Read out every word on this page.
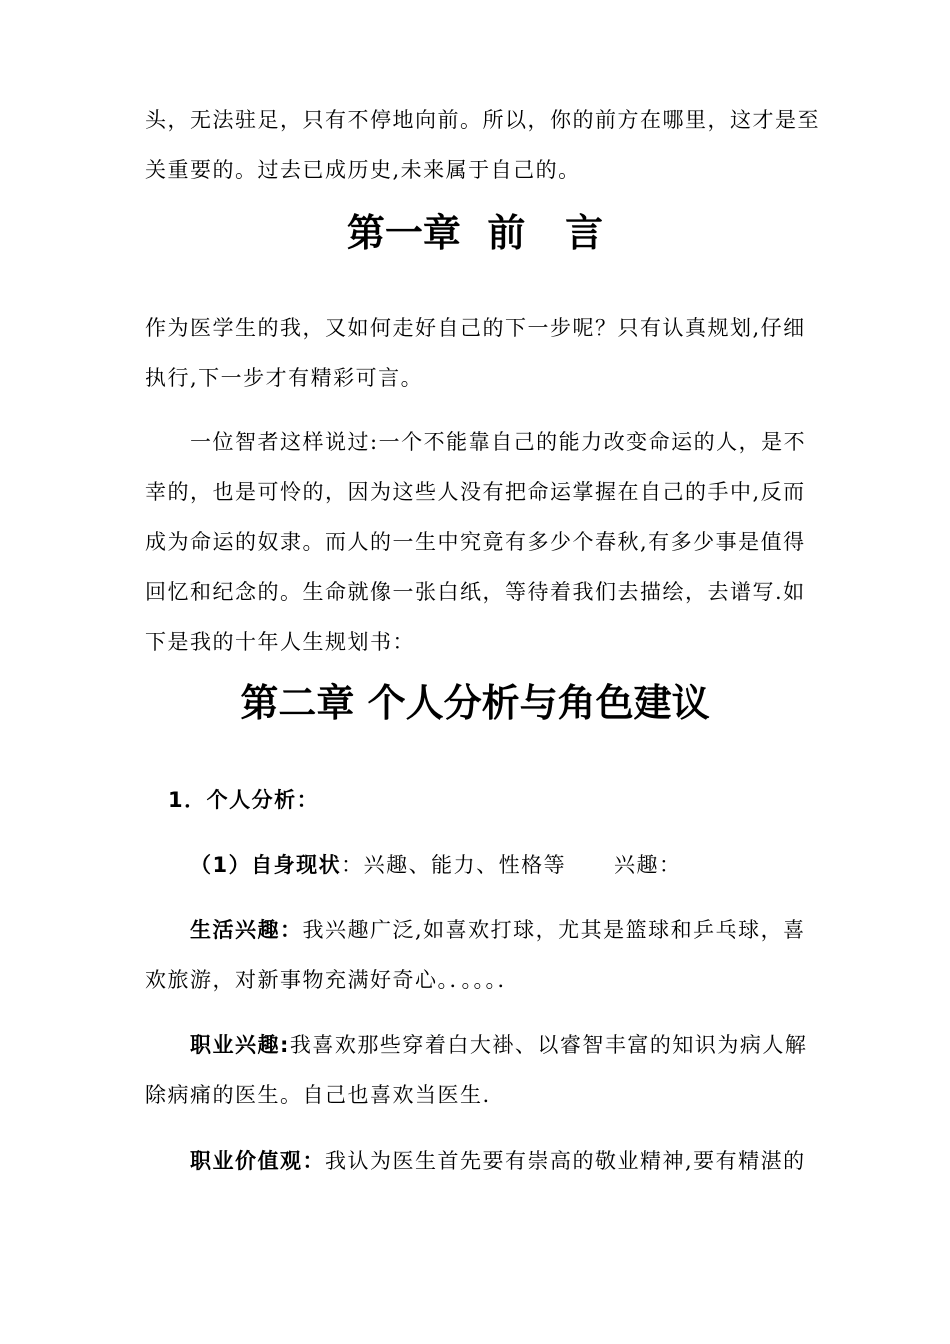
头，无法驻足，只有不停地向前。所以，你的前方在哪里，这才是至
关重要的。过去已成历史,未来属于自己的。
第一章  前   言
作为医学生的我，又如何走好自己的下一步呢？只有认真规划,仔细
执行,下一步才有精彩可言。
一位智者这样说过:一个不能靠自己的能力改变命运的人，是不
幸的，也是可怜的，因为这些人没有把命运掌握在自己的手中,反而
成为命运的奴隶。而人的一生中究竟有多少个春秋,有多少事是值得
回忆和纪念的。生命就像一张白纸，等待着我们去描绘，去谱写.如
下是我的十年人生规划书：
第二章 个人分析与角色建议
1．个人分析：
（1）自身现状：兴趣、能力、性格等 兴趣：
生活兴趣：我兴趣广泛,如喜欢打球，尤其是篮球和乒乓球，喜
欢旅游，对新事物充满好奇心。．。。。．
职业兴趣:我喜欢那些穿着白大褂、以睿智丰富的知识为病人解
除病痛的医生。自己也喜欢当医生.
职业价值观：我认为医生首先要有崇高的敬业精神,要有精湛的
